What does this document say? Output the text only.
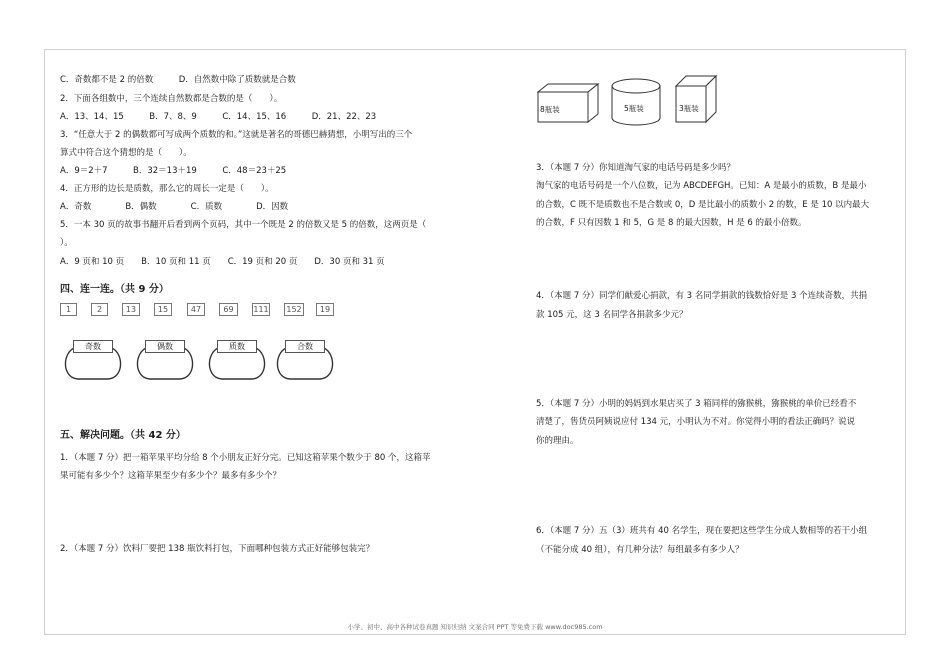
C．奇数都不是 2 的倍数　　　D．自然数中除了质数就是合数
2．下面各组数中，三个连续自然数都是合数的是（　　）。
A．13、14、15　　　B．7、8、9　　　C．14、15、16　　　D．21、22、23
3．“任意大于 2 的偶数都可写成两个质数的和。”这就是著名的哥德巴赫猜想，小明写出的三个
算式中符合这个猜想的是（　　）。
A．9＝2＋7　　　B．32＝13＋19　　　C．48＝23＋25
4．正方形的边长是质数，那么它的周长一定是（　　）。
A．奇数　　　　B．偶数　　　　C．质数　　　　D．因数
5．一本 30 页的故事书翻开后看到两个页码，其中一个既是 2 的倍数又是 5 的倍数，这两页是（
）。
A．9 页和 10 页　　B．10 页和 11 页　　C．19 页和 20 页　　D．30 页和 31 页
四、连一连。（共 9 分）
1	2	13	15	47	69	111 152	19
奇数	偶数	质数	合数
五、解决问题。（共 42 分）
1．（本题 7 分）把一箱苹果平均分给 8 个小朋友正好分完。已知这箱苹果个数少于 80 个，这箱苹
果可能有多少个？这箱苹果至少有多少个？最多有多少个？
2．（本题 7 分）饮料厂要把 138 瓶饮料打包，下面哪种包装方式正好能够包装完？
8瓶装	5瓶装	3瓶装
3．（本题 7 分）你知道淘气家的电话号码是多少吗？
淘气家的电话号码是一个八位数，记为 ABCDEFGH。已知：A 是最小的质数，B 是最小
的合数，C 既不是质数也不是合数或 0，D 是比最小的质数小 2 的数，E 是 10 以内最大
的合数，F 只有因数 1 和 5，G 是 8 的最大因数，H 是 6 的最小倍数。
4．（本题 7 分）同学们献爱心捐款，有 3 名同学捐款的钱数恰好是 3 个连续奇数，共捐
款 105 元，这 3 名同学各捐款多少元？
5．（本题 7 分）小明的妈妈到水果店买了 3 箱同样的猕猴桃，猕猴桃的单价已经看不
清楚了，售货员阿姨说应付 134 元，小明认为不对。你觉得小明的看法正确吗？说说
你的理由。
6．（本题 7 分）五（3）班共有 40 名学生，现在要把这些学生分成人数相等的若干小组
（不能分成 40 组），有几种分法？每组最多有多少人？
小学、初中、高中各种试卷真题 知识归纳 文案合同 PPT 等免费下载 www.doc985.com
